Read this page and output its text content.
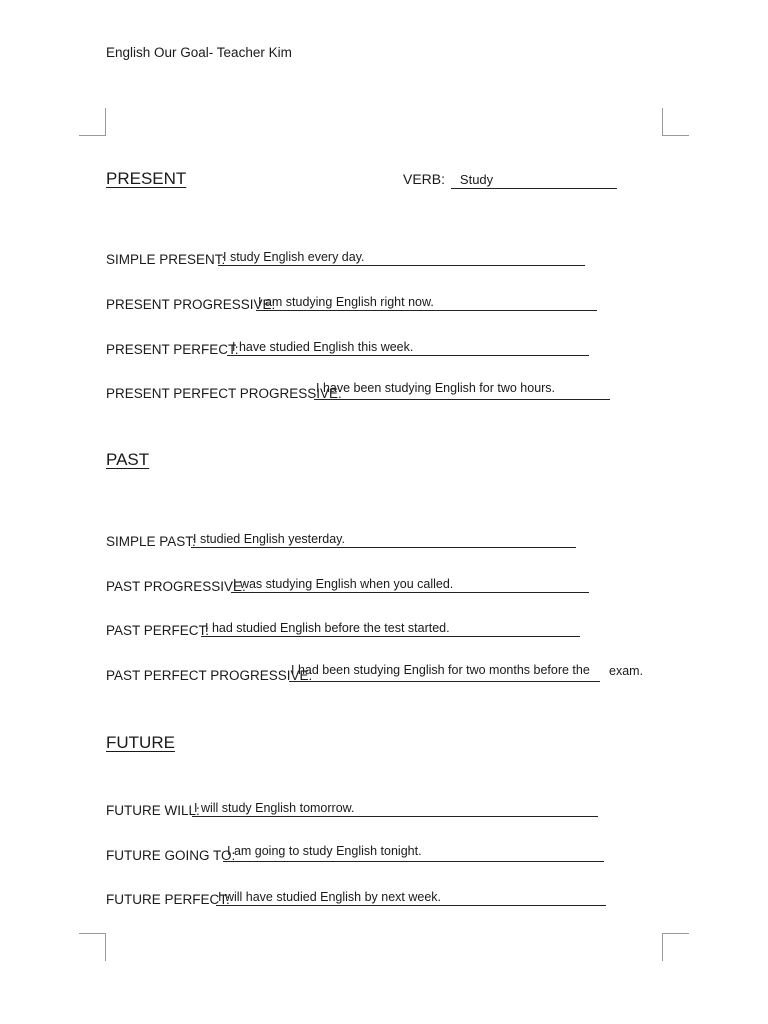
English Our Goal- Teacher Kim
PRESENT	VERB: Study
SIMPLE PRESENT:
I study English every day.
PRESENT PROGRESSIVE:
I am studying English right now.
PRESENT PERFECT:
I have studied English this week.
PRESENT PERFECT PROGRESSIVE:
I have been studying English for two hours.
PAST
SIMPLE PAST:
I studied English yesterday.
PAST PROGRESSIVE:
I was studying English when you called.
PAST PERFECT:
I had studied English before the test started.
PAST PERFECT PROGRESSIVE:
I had been studying English for two months before the	exam.
FUTURE
FUTURE WILL:
I will study English tomorrow.
FUTURE GOING TO:
I am going to study English tonight.
FUTURE PERFECT:
I will have studied English by next week.
